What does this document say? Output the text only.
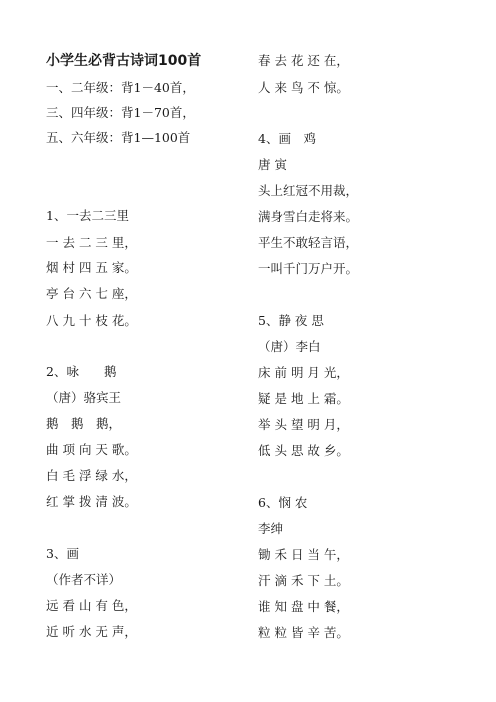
小学生必背古诗词100首
一、二年级：背1－40首，
三、四年级：背1－70首，
五、六年级：背1—100首
1、一去二三里
一 去 二 三 里，
烟 村 四 五 家。
亭 台 六 七 座，
八 九 十 枝 花。
2、咏　　鹅
（唐）骆宾王
鹅　鹅　鹅，
曲 项 向 天 歌。
白 毛 浮 绿 水，
红 掌 拨 清 波。
3、画
（作者不详）
远 看 山 有 色，
近 听 水 无 声，
春 去 花 还 在，
人 来 鸟 不 惊。
4、画　鸡
唐 寅
头上红冠不用裁，
满身雪白走将来。
平生不敢轻言语，
一叫千门万户开。
5、静 夜 思
（唐）李白
床 前 明 月 光，
疑 是 地 上 霜。
举 头 望 明 月，
低 头 思 故 乡。
6、悯 农
李绅
锄 禾 日 当 午，
汗 滴 禾 下 土。
谁 知 盘 中 餐，
粒 粒 皆 辛 苦。
